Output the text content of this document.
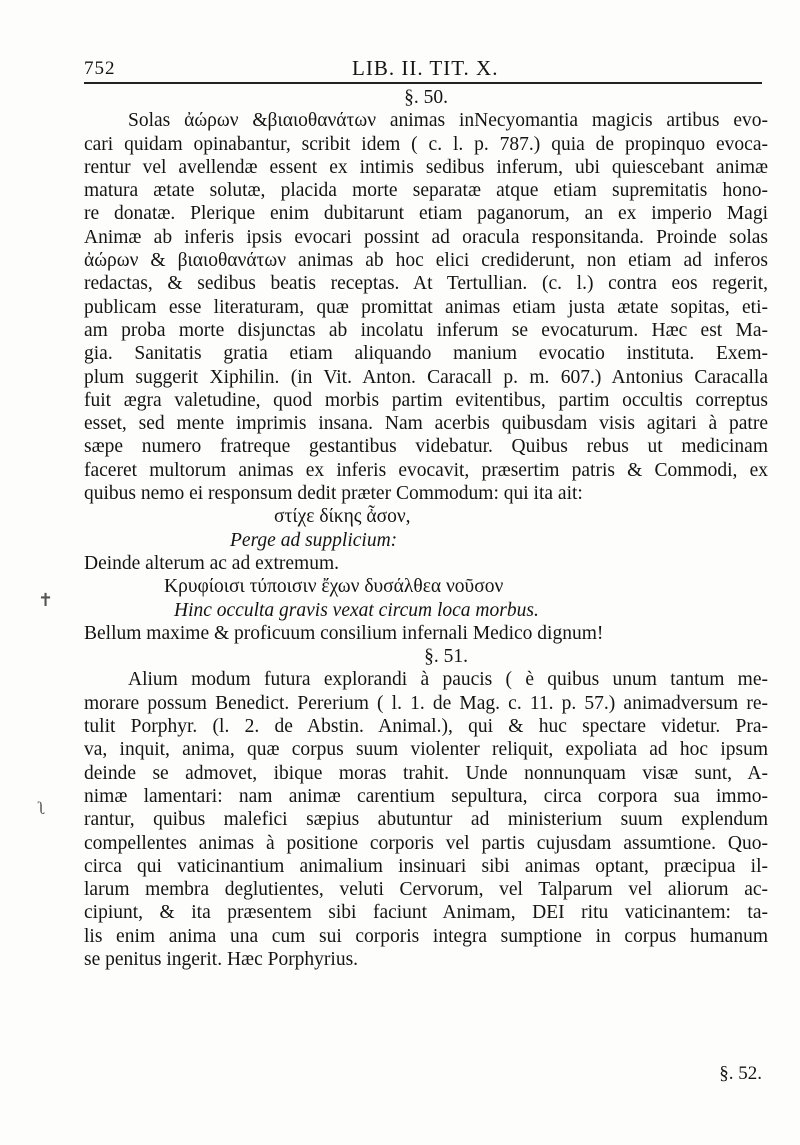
752	LIB. II. TIT. X.
✝
ʅ
§. 50.
Solas ἀώρων &βιαιοθανάτων animas inNecyomantia magicis artibus evo-
cari quidam opinabantur, scribit idem ( c. l. p. 787.) quia de propinquo evoca-
rentur vel avellendæ essent ex intimis sedibus inferum, ubi quiescebant animæ
matura ætate solutæ, placida morte separatæ atque etiam supremitatis hono-
re donatæ. Plerique enim dubitarunt etiam paganorum, an ex imperio Magi
Animæ ab inferis ipsis evocari possint ad oracula responsitanda. Proinde solas
ἀώρων & βιαιοθανάτων animas ab hoc elici crediderunt, non etiam ad inferos
redactas, & sedibus beatis receptas. At Tertullian. (c. l.) contra eos regerit,
publicam esse literaturam, quæ promittat animas etiam justa ætate sopitas, eti-
am proba morte disjunctas ab incolatu inferum se evocaturum. Hæc est Ma-
gia. Sanitatis gratia etiam aliquando manium evocatio instituta. Exem-
plum suggerit Xiphilin. (in Vit. Anton. Caracall p. m. 607.) Antonius Caracalla
fuit ægra valetudine, quod morbis partim evitentibus, partim occultis correptus
esset, sed mente imprimis insana. Nam acerbis quibusdam visis agitari à patre
sæpe numero fratreque gestantibus videbatur. Quibus rebus ut medicinam
faceret multorum animas ex inferis evocavit, præsertim patris & Commodi, ex
quibus nemo ei responsum dedit præter Commodum: qui ita ait:
στίχε δίκης ἆσον,
Perge ad supplicium:
Deinde alterum ac ad extremum.
Κρυφίοισι τύποισιν ἔχων δυσάλθεα νοῦσον
Hinc occulta gravis vexat circum loca morbus.
Bellum maxime & proficuum consilium infernali Medico dignum!
§. 51.
Alium modum futura explorandi à paucis ( è quibus unum tantum me-
morare possum Benedict. Pererium ( l. 1. de Mag. c. 11. p. 57.) animadversum re-
tulit Porphyr. (l. 2. de Abstin. Animal.), qui & huc spectare videtur. Pra-
va, inquit, anima, quæ corpus suum violenter reliquit, expoliata ad hoc ipsum
deinde se admovet, ibique moras trahit. Unde nonnunquam visæ sunt, A-
nimæ lamentari: nam animæ carentium sepultura, circa corpora sua immo-
rantur, quibus malefici sæpius abutuntur ad ministerium suum explendum
compellentes animas à positione corporis vel partis cujusdam assumtione. Quo-
circa qui vaticinantium animalium insinuari sibi animas optant, præcipua il-
larum membra deglutientes, veluti Cervorum, vel Talparum vel aliorum ac-
cipiunt, & ita præsentem sibi faciunt Animam, DEI ritu vaticinantem: ta-
lis enim anima una cum sui corporis integra sumptione in corpus humanum
se penitus ingerit. Hæc Porphyrius.
§. 52.
